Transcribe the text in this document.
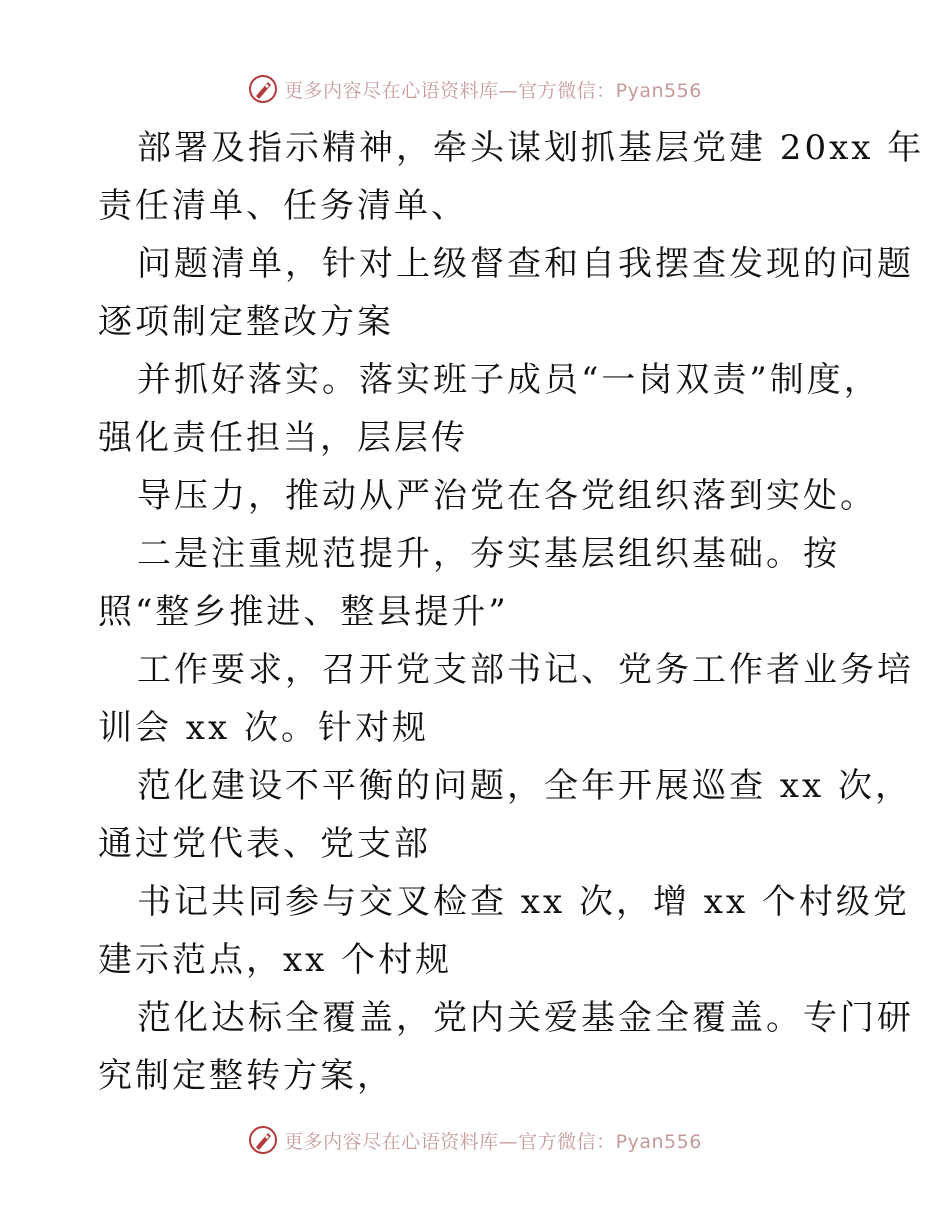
更多内容尽在心语资料库—官方微信：Pyan556
部署及指示精神，牵头谋划抓基层党建 20xx 年
责任清单、任务清单、
问题清单，针对上级督查和自我摆查发现的问题
逐项制定整改方案
并抓好落实。落实班子成员“一岗双责”制度，
强化责任担当，层层传
导压力，推动从严治党在各党组织落到实处。
二是注重规范提升，夯实基层组织基础。按
照“整乡推进、整县提升”
工作要求，召开党支部书记、党务工作者业务培
训会 xx 次。针对规
范化建设不平衡的问题，全年开展巡查 xx 次，
通过党代表、党支部
书记共同参与交叉检查 xx 次，增 xx 个村级党
建示范点，xx 个村规
范化达标全覆盖，党内关爱基金全覆盖。专门研
究制定整转方案，
更多内容尽在心语资料库—官方微信：Pyan556
